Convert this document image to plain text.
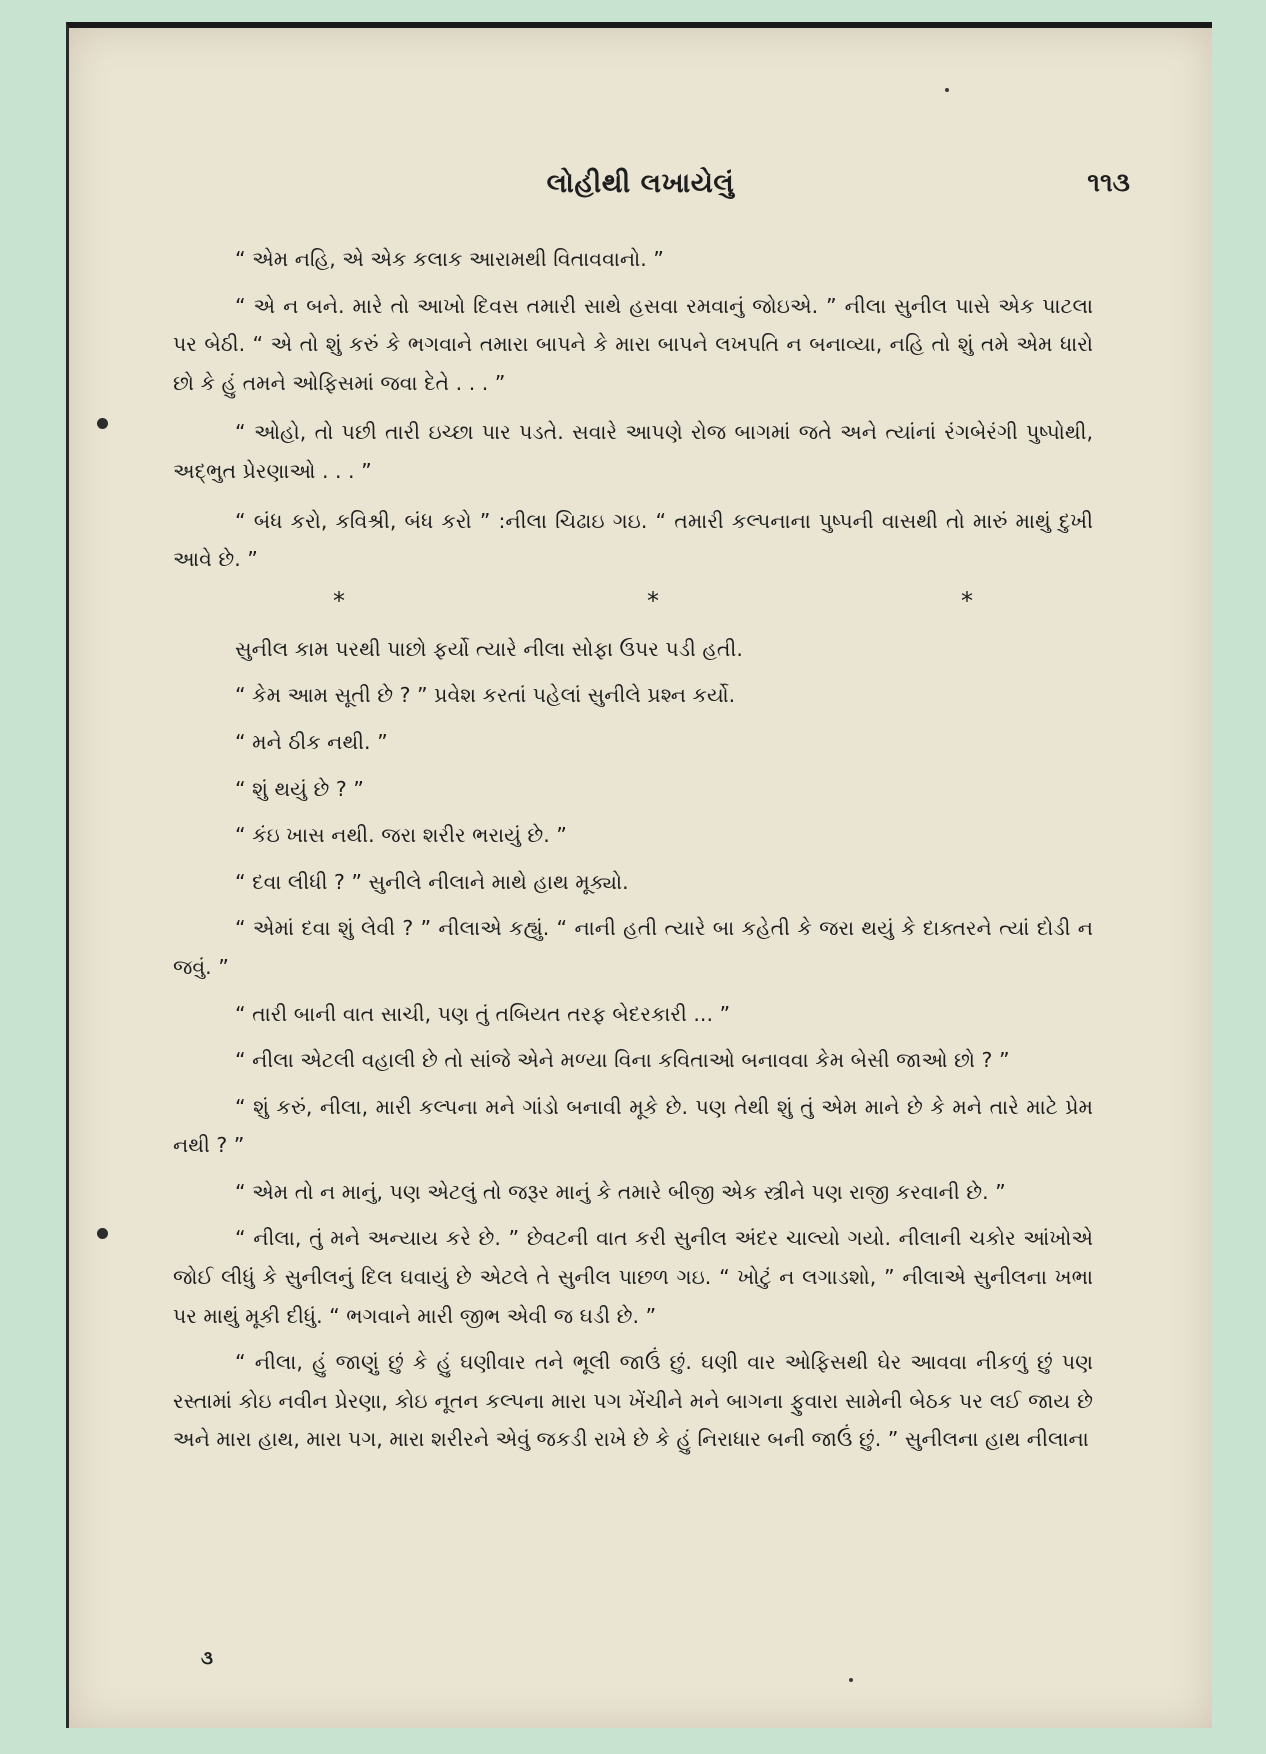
લોહીથી લખાયેલું	૧૧૩

“ એમ નહિ, એ એક કલાક આરામથી વિતાવવાનો. ”

“ એ ન બને. મારે તો આખો દિવસ તમારી સાથે હસવા રમવાનું જોઇએ. ” નીલા સુનીલ પાસે એક પાટલા પર બેઠી. “ એ તો શું કરું કે ભગવાને તમારા બાપને કે મારા બાપને લખપતિ ન બનાવ્યા, નહિ તો શું તમે એમ ધારો છો કે હું તમને ઓફિસમાં જવા દેતે . . . ”

“ ઓહો, તો પછી તારી ઇચ્છા પાર પડતે. સવારે આપણે રોજ બાગમાં જતે અને ત્યાંનાં રંગબેરંગી પુષ્પોથી, અદ્ભુત પ્રેરણાઓ . . . ”

“ બંધ કરો, કવિશ્રી, બંધ કરો ” :નીલા ચિઢાઇ ગઇ. “ તમારી કલ્પનાના પુષ્પની વાસથી તો મારું માથું દુખી આવે છે. ”

*	*	*

સુનીલ કામ પરથી પાછો ફર્યો ત્યારે નીલા સોફા ઉપર પડી હતી.

“ કેમ આમ સૂતી છે ? ” પ્રવેશ કરતાં પહેલાં સુનીલે પ્રશ્ન કર્યો.

“ મને ઠીક નથી. ”

“ શું થયું છે ? ”

“ કંઇ ખાસ નથી. જરા શરીર ભરાયું છે. ”

“ દવા લીધી ? ” સુનીલે નીલાને માથે હાથ મૂક્યો.

“ એમાં દવા શું લેવી ? ” નીલાએ કહ્યું. “ નાની હતી ત્યારે બા કહેતી કે જરા થયું કે દાક્તરને ત્યાં દોડી ન જવું. ”

“ તારી બાની વાત સાચી, પણ તું તબિયત તરફ બેદરકારી ... ”

“ નીલા એટલી વહાલી છે તો સાંજે એને મળ્યા વિના કવિતાઓ બનાવવા કેમ બેસી જાઓ છો ? ”

“ શું કરું, નીલા, મારી કલ્પના મને ગાંડો બનાવી મૂકે છે. પણ તેથી શું તું એમ માને છે કે મને તારે માટે પ્રેમ નથી ? ”

“ એમ તો ન માનું, પણ એટલું તો જરૂર માનું કે તમારે બીજી એક સ્ત્રીને પણ રાજી કરવાની છે. ”

“ નીલા, તું મને અન્યાય કરે છે. ” છેવટની વાત કરી સુનીલ અંદર ચાલ્યો ગયો. નીલાની ચકોર આંખોએ જોઈ લીધું કે સુનીલનું દિલ ઘવાયું છે એટલે તે સુનીલ પાછળ ગઇ. “ ખોટું ન લગાડશો, ” નીલાએ સુનીલના ખભા પર માથું મૂકી દીધું. “ ભગવાને મારી જીભ એવી જ ઘડી છે. ”

“ નીલા, હું જાણું છું કે હું ઘણીવાર તને ભૂલી જાઉં છું. ઘણી વાર ઓફિસથી ઘેર આવવા નીકળું છું પણ રસ્તામાં કોઇ નવીન પ્રેરણા, કોઇ નૂતન કલ્પના મારા પગ ખેંચીને મને બાગના ફુવારા સામેની બેઠક પર લઈ જાય છે અને મારા હાથ, મારા પગ, મારા શરીરને એવું જકડી રાખે છે કે હું નિરાધાર બની જાઉં છું. ” સુનીલના હાથ નીલાના

૩
